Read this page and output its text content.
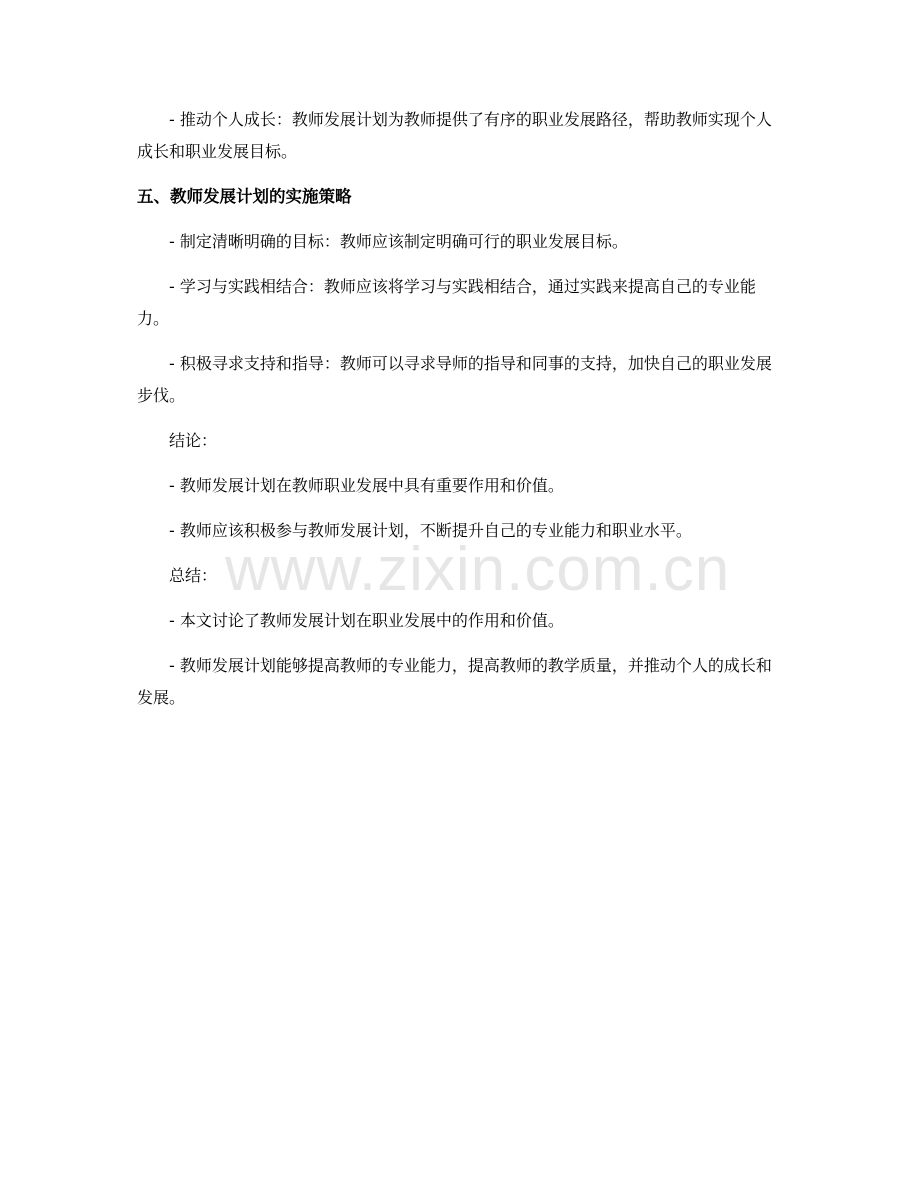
www.zixin.com.cn

- 推动个人成长：教师发展计划为教师提供了有序的职业发展路径，帮助教师实现个人成长和职业发展目标。

五、教师发展计划的实施策略

- 制定清晰明确的目标：教师应该制定明确可行的职业发展目标。

- 学习与实践相结合：教师应该将学习与实践相结合，通过实践来提高自己的专业能力。

- 积极寻求支持和指导：教师可以寻求导师的指导和同事的支持，加快自己的职业发展步伐。

结论：

- 教师发展计划在教师职业发展中具有重要作用和价值。

- 教师应该积极参与教师发展计划，不断提升自己的专业能力和职业水平。

总结：

- 本文讨论了教师发展计划在职业发展中的作用和价值。

- 教师发展计划能够提高教师的专业能力，提高教师的教学质量，并推动个人的成长和发展。
